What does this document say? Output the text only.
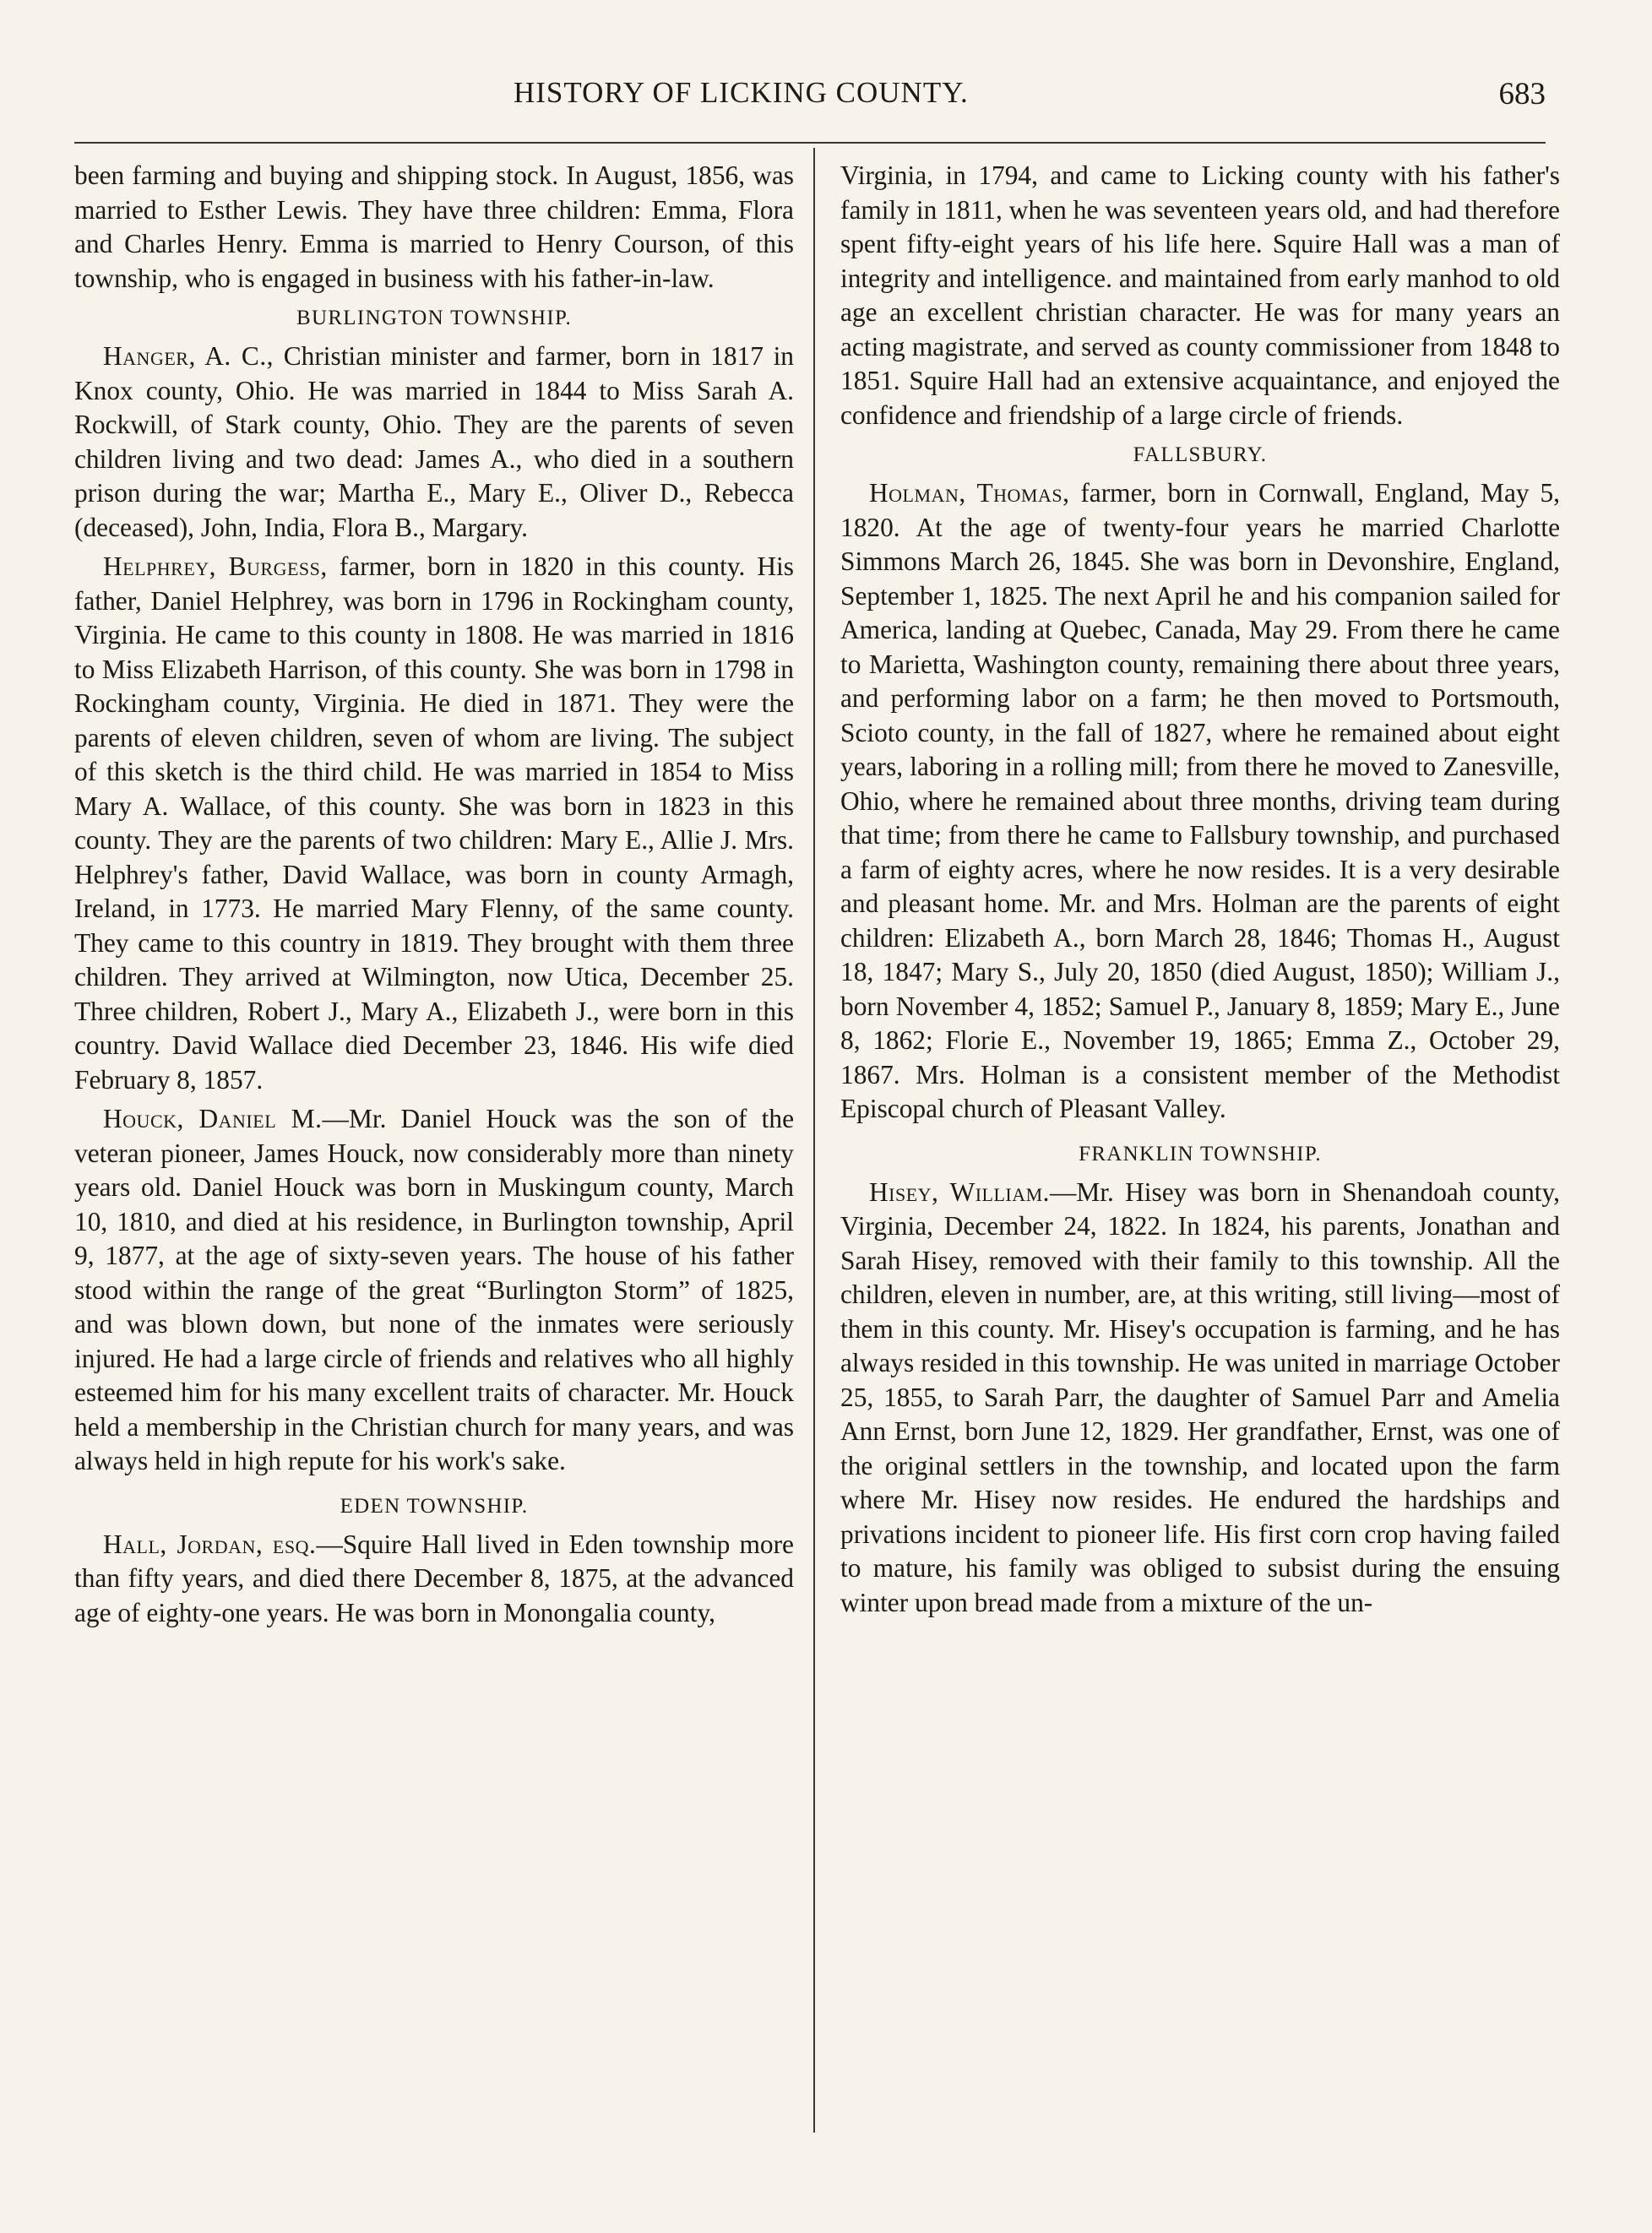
HISTORY OF LICKING COUNTY.	683

been farming and buying and shipping stock. In August, 1856, was married to Esther Lewis. They have three children: Emma, Flora and Charles Henry. Emma is married to Henry Courson, of this township, who is engaged in business with his father-in-law.

BURLINGTON TOWNSHIP.

Hanger, A. C., Christian minister and farmer, born in 1817 in Knox county, Ohio. He was married in 1844 to Miss Sarah A. Rockwill, of Stark county, Ohio. They are the parents of seven children living and two dead: James A., who died in a southern prison during the war; Martha E., Mary E., Oliver D., Rebecca (deceased), John, India, Flora B., Margary.

Helphrey, Burgess, farmer, born in 1820 in this county. His father, Daniel Helphrey, was born in 1796 in Rockingham county, Virginia. He came to this county in 1808. He was married in 1816 to Miss Elizabeth Harrison, of this county. She was born in 1798 in Rockingham county, Virginia. He died in 1871. They were the parents of eleven children, seven of whom are living. The subject of this sketch is the third child. He was married in 1854 to Miss Mary A. Wallace, of this county. She was born in 1823 in this county. They are the parents of two children: Mary E., Allie J. Mrs. Helphrey's father, David Wallace, was born in county Armagh, Ireland, in 1773. He married Mary Flenny, of the same county. They came to this country in 1819. They brought with them three children. They arrived at Wilmington, now Utica, December 25. Three children, Robert J., Mary A., Elizabeth J., were born in this country. David Wallace died December 23, 1846. His wife died February 8, 1857.

Houck, Daniel M.—Mr. Daniel Houck was the son of the veteran pioneer, James Houck, now considerably more than ninety years old. Daniel Houck was born in Muskingum county, March 10, 1810, and died at his residence, in Burlington township, April 9, 1877, at the age of sixty-seven years. The house of his father stood within the range of the great “Burlington Storm” of 1825, and was blown down, but none of the inmates were seriously injured. He had a large circle of friends and relatives who all highly esteemed him for his many excellent traits of character. Mr. Houck held a membership in the Christian church for many years, and was always held in high repute for his work's sake.

EDEN TOWNSHIP.

Hall, Jordan, esq.—Squire Hall lived in Eden township more than fifty years, and died there December 8, 1875, at the advanced age of eighty-one years. He was born in Monongalia county,

Virginia, in 1794, and came to Licking county with his father's family in 1811, when he was seventeen years old, and had therefore spent fifty-eight years of his life here. Squire Hall was a man of integrity and intelligence. and maintained from early manhod to old age an excellent christian character. He was for many years an acting magistrate, and served as county commissioner from 1848 to 1851. Squire Hall had an extensive acquaintance, and enjoyed the confidence and friendship of a large circle of friends.

FALLSBURY.

Holman, Thomas, farmer, born in Cornwall, England, May 5, 1820. At the age of twenty-four years he married Charlotte Simmons March 26, 1845. She was born in Devonshire, England, September 1, 1825. The next April he and his companion sailed for America, landing at Quebec, Canada, May 29. From there he came to Marietta, Washington county, remaining there about three years, and performing labor on a farm; he then moved to Portsmouth, Scioto county, in the fall of 1827, where he remained about eight years, laboring in a rolling mill; from there he moved to Zanesville, Ohio, where he remained about three months, driving team during that time; from there he came to Fallsbury township, and purchased a farm of eighty acres, where he now resides. It is a very desirable and pleasant home. Mr. and Mrs. Holman are the parents of eight children: Elizabeth A., born March 28, 1846; Thomas H., August 18, 1847; Mary S., July 20, 1850 (died August, 1850); William J., born November 4, 1852; Samuel P., January 8, 1859; Mary E., June 8, 1862; Florie E., November 19, 1865; Emma Z., October 29, 1867. Mrs. Holman is a consistent member of the Methodist Episcopal church of Pleasant Valley.

FRANKLIN TOWNSHIP.

Hisey, William.—Mr. Hisey was born in Shenandoah county, Virginia, December 24, 1822. In 1824, his parents, Jonathan and Sarah Hisey, removed with their family to this township. All the children, eleven in number, are, at this writing, still living—most of them in this county. Mr. Hisey's occupation is farming, and he has always resided in this township. He was united in marriage October 25, 1855, to Sarah Parr, the daughter of Samuel Parr and Amelia Ann Ernst, born June 12, 1829. Her grandfather, Ernst, was one of the original settlers in the township, and located upon the farm where Mr. Hisey now resides. He endured the hardships and privations incident to pioneer life. His first corn crop having failed to mature, his family was obliged to subsist during the ensuing winter upon bread made from a mixture of the un-
